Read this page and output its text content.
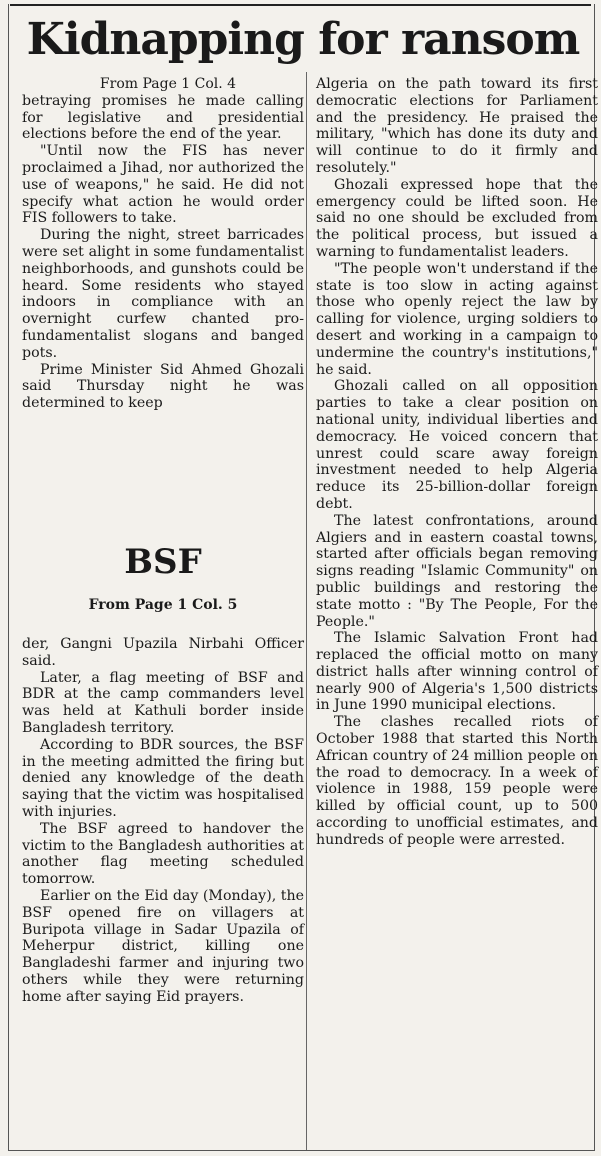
Kidnapping for ransom
From Page 1 Col. 4

betraying promises he made calling for legislative and presidential elections before the end of the year.

"Until now the FIS has never proclaimed a Jihad, nor authorized the use of weapons," he said. He did not specify what action he would order FIS followers to take.

During the night, street barricades were set alight in some fundamentalist neighborhoods, and gunshots could be heard. Some residents who stayed indoors in compliance with an overnight curfew chanted pro-fundamentalist slogans and banged pots.

Prime Minister Sid Ahmed Ghozali said Thursday night he was determined to keep

BSF
From Page 1 Col. 5

der, Gangni Upazila Nirbahi Officer said.

Later, a flag meeting of BSF and BDR at the camp commanders level was held at Kathuli border inside Bangladesh territory.

According to BDR sources, the BSF in the meeting admitted the firing but denied any knowledge of the death saying that the victim was hospitalised with injuries.

The BSF agreed to handover the victim to the Bangladesh authorities at another flag meeting scheduled tomorrow.

Earlier on the Eid day (Monday), the BSF opened fire on villagers at Buripota village in Sadar Upazila of Meherpur district, killing one Bangladeshi farmer and injuring two others while they were returning home after saying Eid prayers.

Algeria on the path toward its first democratic elections for Parliament and the presidency. He praised the military, "which has done its duty and will continue to do it firmly and resolutely."

Ghozali expressed hope that the emergency could be lifted soon. He said no one should be excluded from the political process, but issued a warning to fundamentalist leaders.

"The people won't understand if the state is too slow in acting against those who openly reject the law by calling for violence, urging soldiers to desert and working in a campaign to undermine the country's institutions," he said.

Ghozali called on all opposition parties to take a clear position on national unity, individual liberties and democracy. He voiced concern that unrest could scare away foreign investment needed to help Algeria reduce its 25-billion-dollar foreign debt.

The latest confrontations, around Algiers and in eastern coastal towns, started after officials began removing signs reading "Islamic Community" on public buildings and restoring the state motto : "By The People, For the People."

The Islamic Salvation Front had replaced the official motto on many district halls after winning control of nearly 900 of Algeria's 1,500 districts in June 1990 municipal elections.

The clashes recalled riots of October 1988 that started this North African country of 24 million people on the road to democracy. In a week of violence in 1988, 159 people were killed by official count, up to 500 according to unofficial estimates, and hundreds of people were arrested.
